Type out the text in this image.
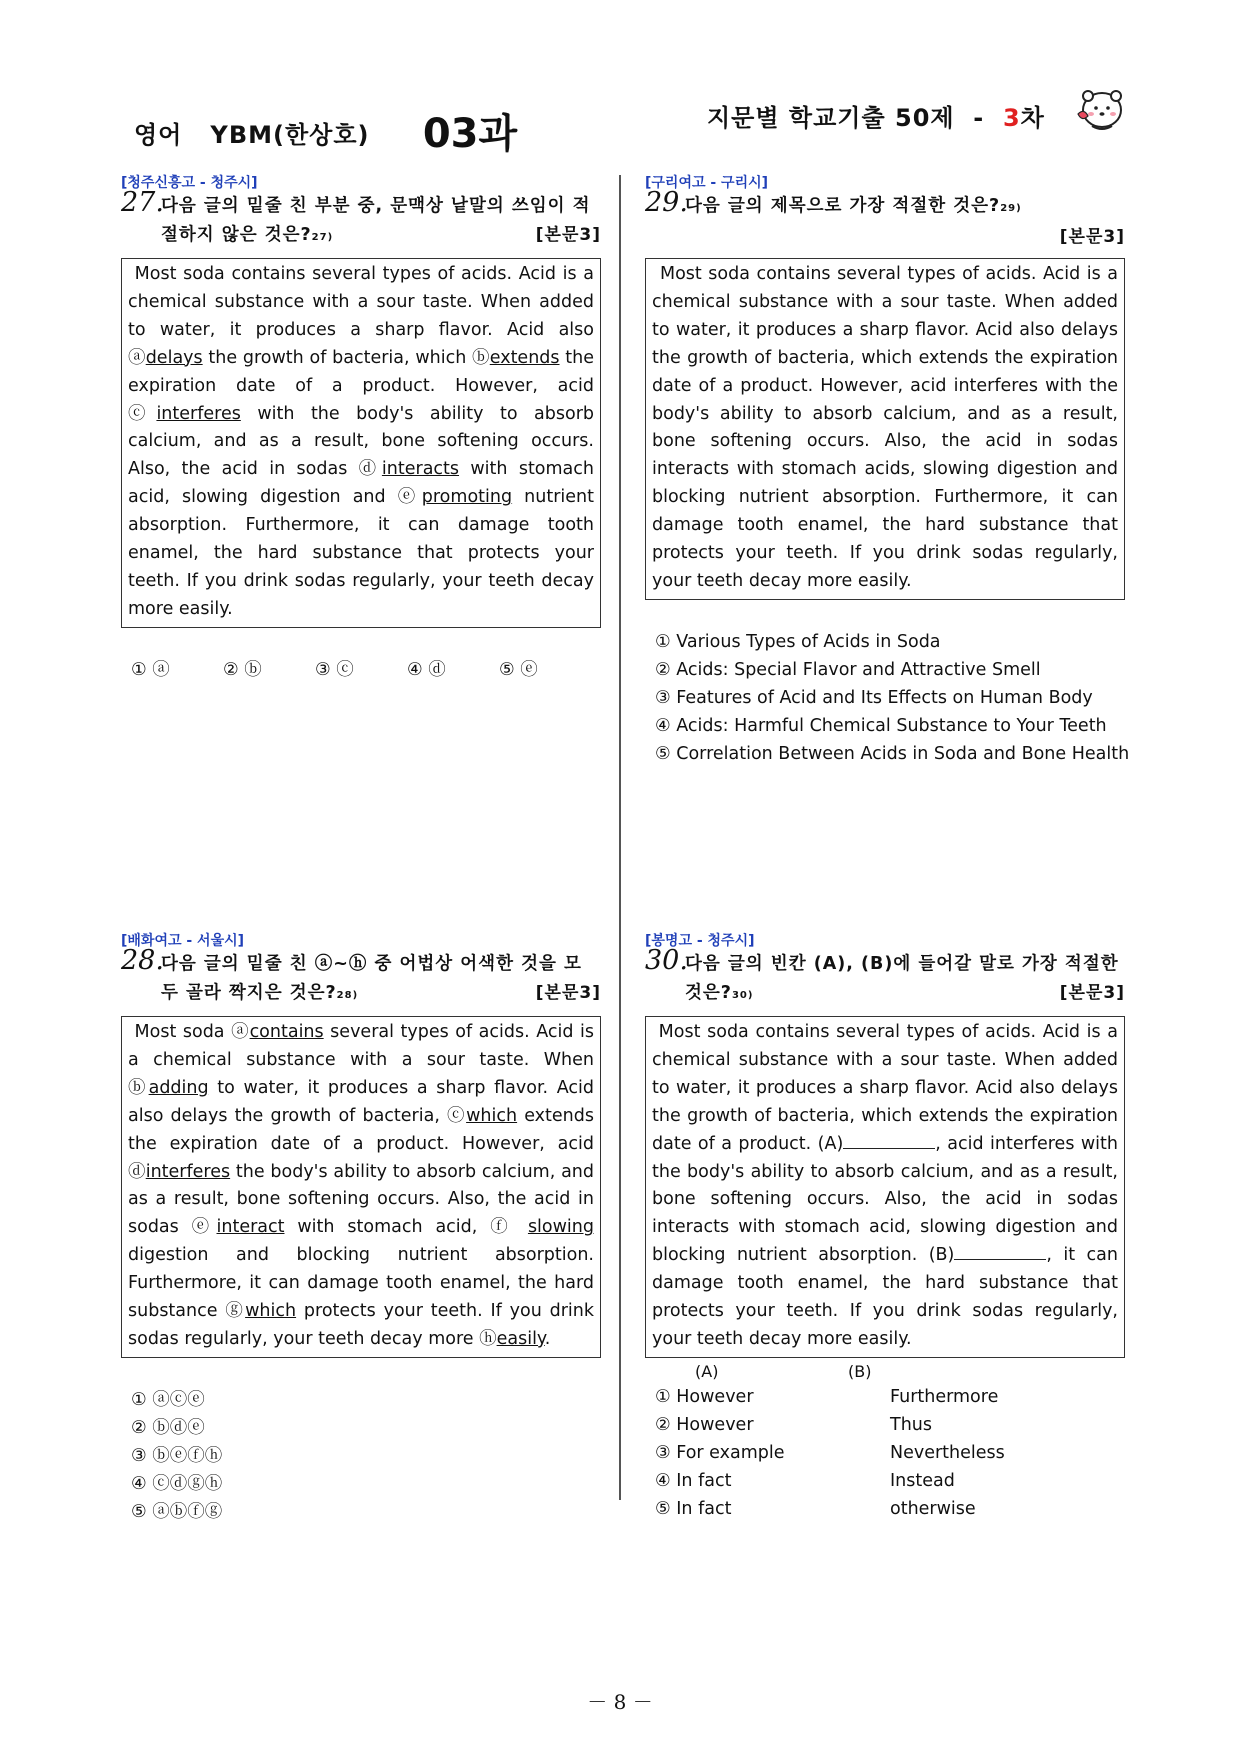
영어   YBM(한상호) 03과	지문별 학교기출 50제  -  3차
[청주신흥고 - 청주시]
27.
다음 글의 밑줄 친 부분 중, 문맥상 낱말의 쓰임이 적
절하지 않은 것은?27)	[본문3]
Most soda contains several types of acids. Acid is a chemical substance with a sour taste. When added to water, it produces a sharp flavor. Acid also ⓐdelays the growth of bacteria, which ⓑextends the expiration date of a product. However, acid ⓒinterferes with the body's ability to absorb calcium, and as a result, bone softening occurs. Also, the acid in sodas ⓓinteracts with stomach acid, slowing digestion and ⓔpromoting nutrient absorption. Furthermore, it can damage tooth enamel, the hard substance that protects your teeth. If you drink sodas regularly, your teeth decay more easily.
① ⓐ	② ⓑ	③ ⓒ	④ ⓓ	⑤ ⓔ
[구리여고 - 구리시]
29.
다음 글의 제목으로 가장 적절한 것은?29)
[본문3]
Most soda contains several types of acids. Acid is a chemical substance with a sour taste. When added to water, it produces a sharp flavor. Acid also delays the growth of bacteria, which extends the expiration date of a product. However, acid interferes with the body's ability to absorb calcium, and as a result, bone softening occurs. Also, the acid in sodas interacts with stomach acids, slowing digestion and blocking nutrient absorption. Furthermore, it can damage tooth enamel, the hard substance that protects your teeth. If you drink sodas regularly, your teeth decay more easily.
① Various Types of Acids in Soda
② Acids: Special Flavor and Attractive Smell
③ Features of Acid and Its Effects on Human Body
④ Acids: Harmful Chemical Substance to Your Teeth
⑤ Correlation Between Acids in Soda and Bone Health
[배화여고 - 서울시]
28.
다음 글의 밑줄 친 ⓐ~ⓗ 중 어법상 어색한 것을 모
두 골라 짝지은 것은?28)	[본문3]
Most soda ⓐcontains several types of acids. Acid is a chemical substance with a sour taste. When ⓑadding to water, it produces a sharp flavor. Acid also delays the growth of bacteria, ⓒwhich extends the expiration date of a product. However, acid ⓓinterferes the body's ability to absorb calcium, and as a result, bone softening occurs. Also, the acid in sodas ⓔinteract with stomach acid, ⓕ slowing digestion and blocking nutrient absorption. Furthermore, it can damage tooth enamel, the hard substance ⓖwhich protects your teeth. If you drink sodas regularly, your teeth decay more ⓗeasily.
① ⓐⓒⓔ
② ⓑⓓⓔ
③ ⓑⓔⓕⓗ
④ ⓒⓓⓖⓗ
⑤ ⓐⓑⓕⓖ
[봉명고 - 청주시]
30.
다음 글의 빈칸 (A), (B)에 들어갈 말로 가장 적절한
것은?30)	[본문3]
Most soda contains several types of acids. Acid is a chemical substance with a sour taste. When added to water, it produces a sharp flavor. Acid also delays the growth of bacteria, which extends the expiration date of a product. (A)	, acid interferes with the body's ability to absorb calcium, and as a result, bone softening occurs. Also, the acid in sodas interacts with stomach acid, slowing digestion and blocking nutrient absorption. (B)	, it can damage tooth enamel, the hard substance that protects your teeth. If you drink sodas regularly, your teeth decay more easily.
(A)	(B)
① However	Furthermore
② However	Thus
③ For example	Nevertheless
④ In fact	Instead
⑤ In fact	otherwise
－ 8 －
